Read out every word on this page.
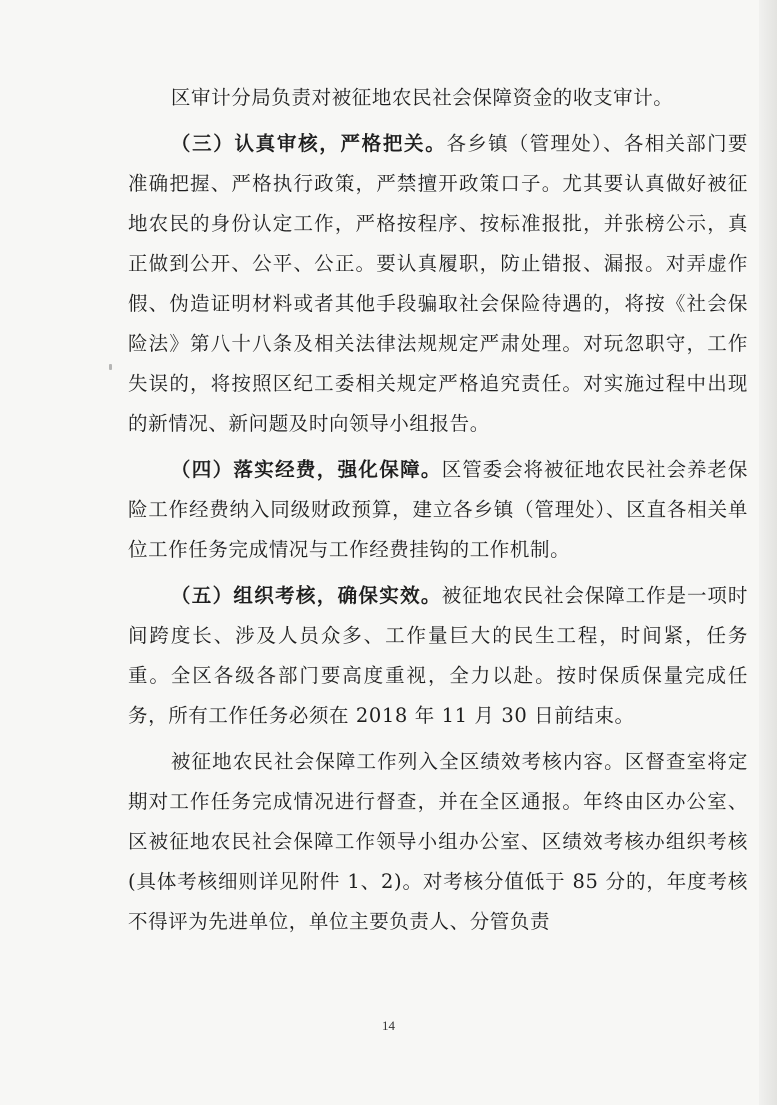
区审计分局负责对被征地农民社会保障资金的收支审计。

（三）认真审核，严格把关。各乡镇（管理处）、各相关部门要准确把握、严格执行政策，严禁擅开政策口子。尤其要认真做好被征地农民的身份认定工作，严格按程序、按标准报批，并张榜公示，真正做到公开、公平、公正。要认真履职，防止错报、漏报。对弄虚作假、伪造证明材料或者其他手段骗取社会保险待遇的，将按《社会保险法》第八十八条及相关法律法规规定严肃处理。对玩忽职守，工作失误的，将按照区纪工委相关规定严格追究责任。对实施过程中出现的新情况、新问题及时向领导小组报告。

（四）落实经费，强化保障。区管委会将被征地农民社会养老保险工作经费纳入同级财政预算，建立各乡镇（管理处）、区直各相关单位工作任务完成情况与工作经费挂钩的工作机制。

（五）组织考核，确保实效。被征地农民社会保障工作是一项时间跨度长、涉及人员众多、工作量巨大的民生工程，时间紧，任务重。全区各级各部门要高度重视，全力以赴。按时保质保量完成任务，所有工作任务必须在 2018 年 11 月 30 日前结束。

被征地农民社会保障工作列入全区绩效考核内容。区督查室将定期对工作任务完成情况进行督查，并在全区通报。年终由区办公室、区被征地农民社会保障工作领导小组办公室、区绩效考核办组织考核(具体考核细则详见附件 1、2)。对考核分值低于 85 分的，年度考核不得评为先进单位，单位主要负责人、分管负责

14
